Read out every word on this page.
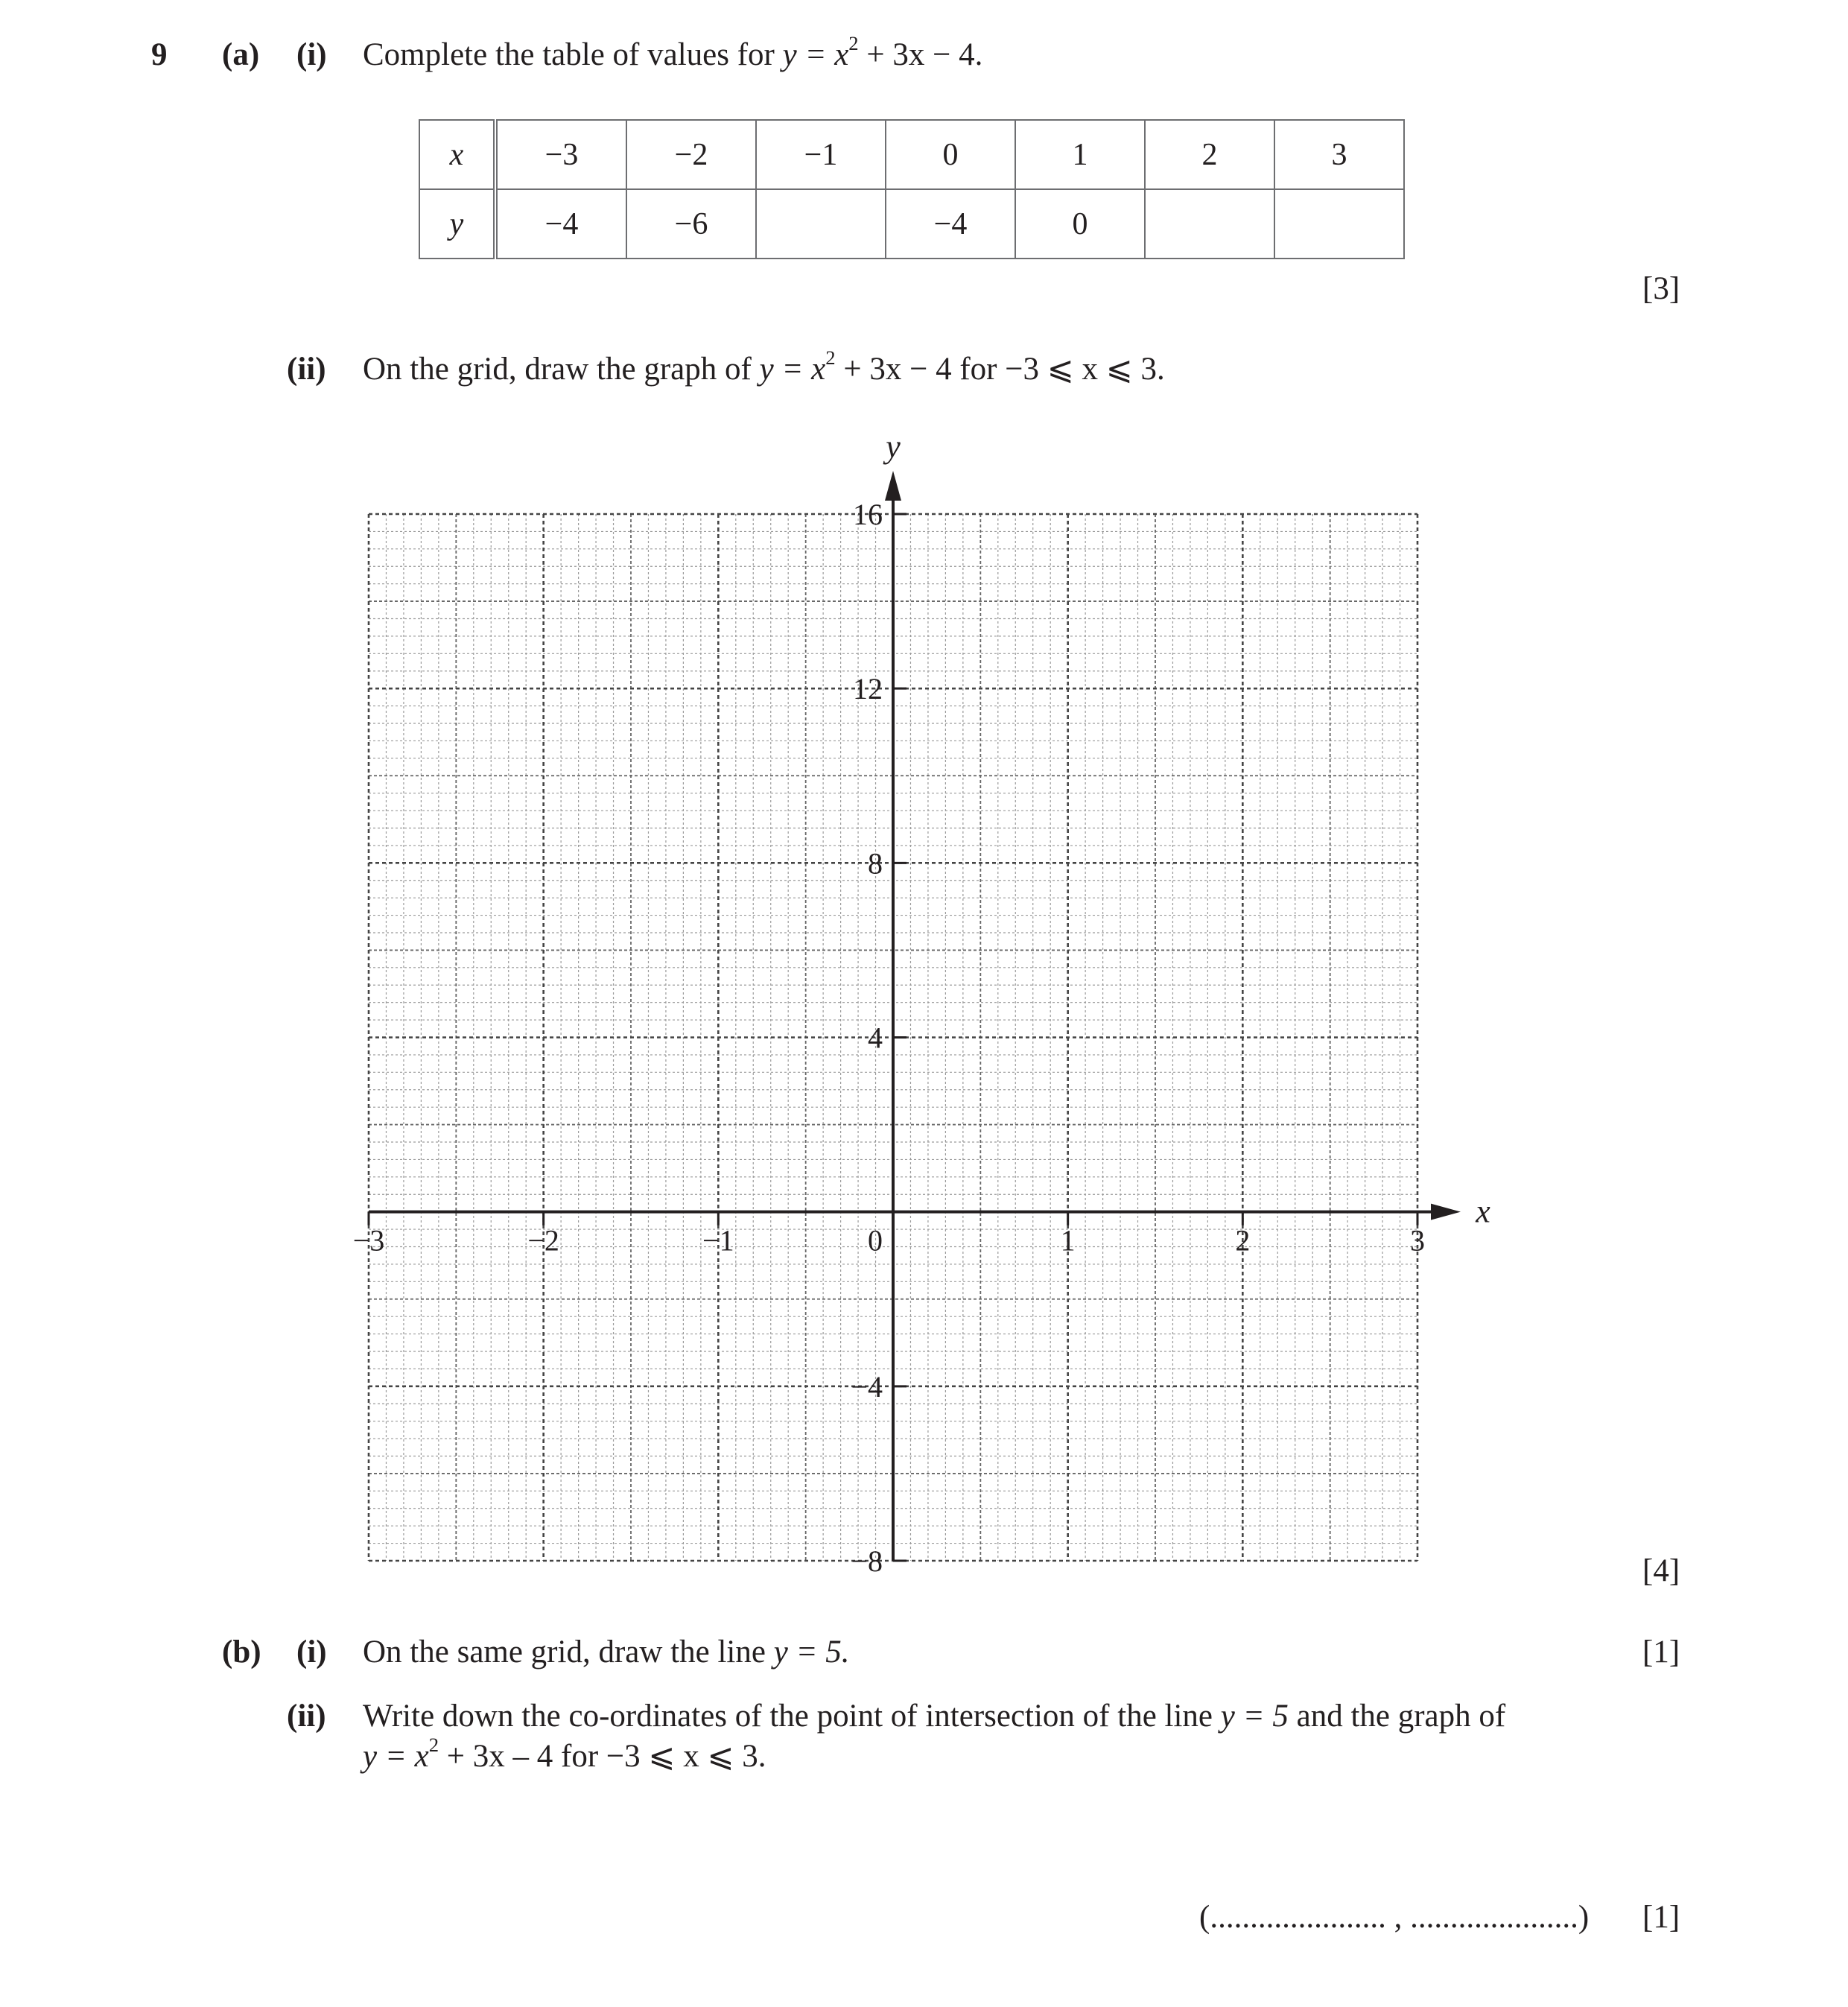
9 (a) (i) Complete the table of values for $y = x^2 + 3x - 4$.
x	−3	−2	−1	0	1	2	3
y	−4	−6		−4	0		
[3]
(ii) On the grid, draw the graph of $y = x^2 + 3x - 4$ for −3 ⩽ x ⩽ 3.
−3	−2	−1	1	2	3
−8
−4
4
8
12
16
0
x
y
[4]
(b) (i) On the same grid, draw the line y = 5.	[1]
(ii) Write down the co-ordinates of the point of intersection of the line y = 5 and the graph of
$y = x^2 + 3x - 4$ for −3 ⩽ x ⩽ 3.
(...................... , .....................) [1]
